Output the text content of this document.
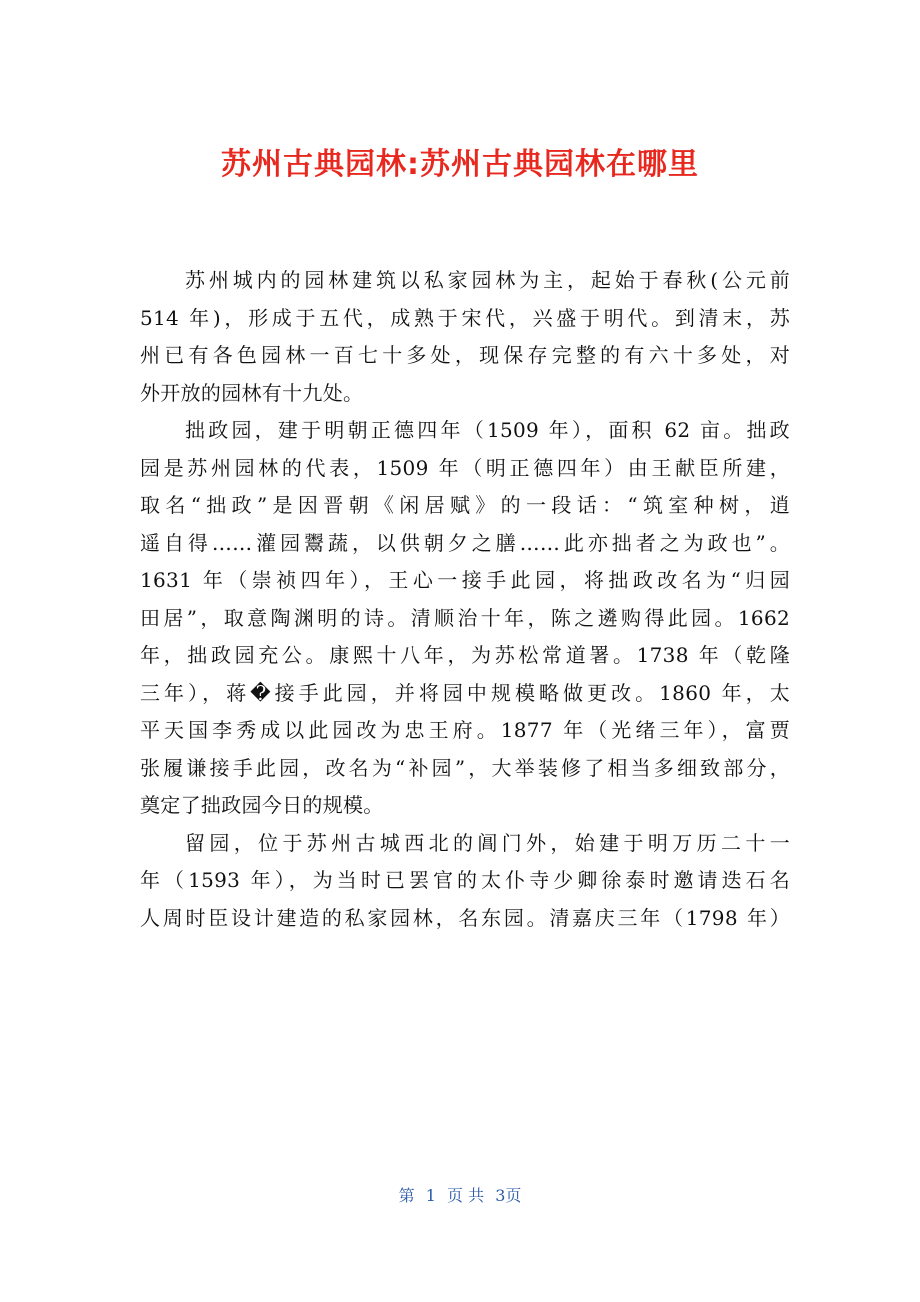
苏州古典园林:苏州古典园林在哪里
苏州城内的园林建筑以私家园林为主，起始于春秋(公元前
514 年)，形成于五代，成熟于宋代，兴盛于明代。到清末，苏
州已有各色园林一百七十多处，现保存完整的有六十多处，对
外开放的园林有十九处。
拙政园，建于明朝正德四年（1509 年），面积 62 亩。拙政
园是苏州园林的代表，1509 年（明正德四年）由王献臣所建，
取名“拙政”是因晋朝《闲居赋》的一段话：“筑室种树，逍
遥自得……灌园鬻蔬，以供朝夕之膳……此亦拙者之为政也”。
1631 年（崇祯四年），王心一接手此园，将拙政改名为“归园
田居”，取意陶渊明的诗。清顺治十年，陈之遴购得此园。1662
年，拙政园充公。康熙十八年，为苏松常道署。1738 年（乾隆
三年），蒋�接手此园，并将园中规模略做更改。1860 年，太
平天国李秀成以此园改为忠王府。1877 年（光绪三年），富贾
张履谦接手此园，改名为“补园”，大举装修了相当多细致部分，
奠定了拙政园今日的规模。
留园，位于苏州古城西北的阊门外，始建于明万历二十一
年（1593 年），为当时已罢官的太仆寺少卿徐泰时邀请迭石名
人周时臣设计建造的私家园林，名东园。清嘉庆三年（1798 年）
第 1 页 共 3页
